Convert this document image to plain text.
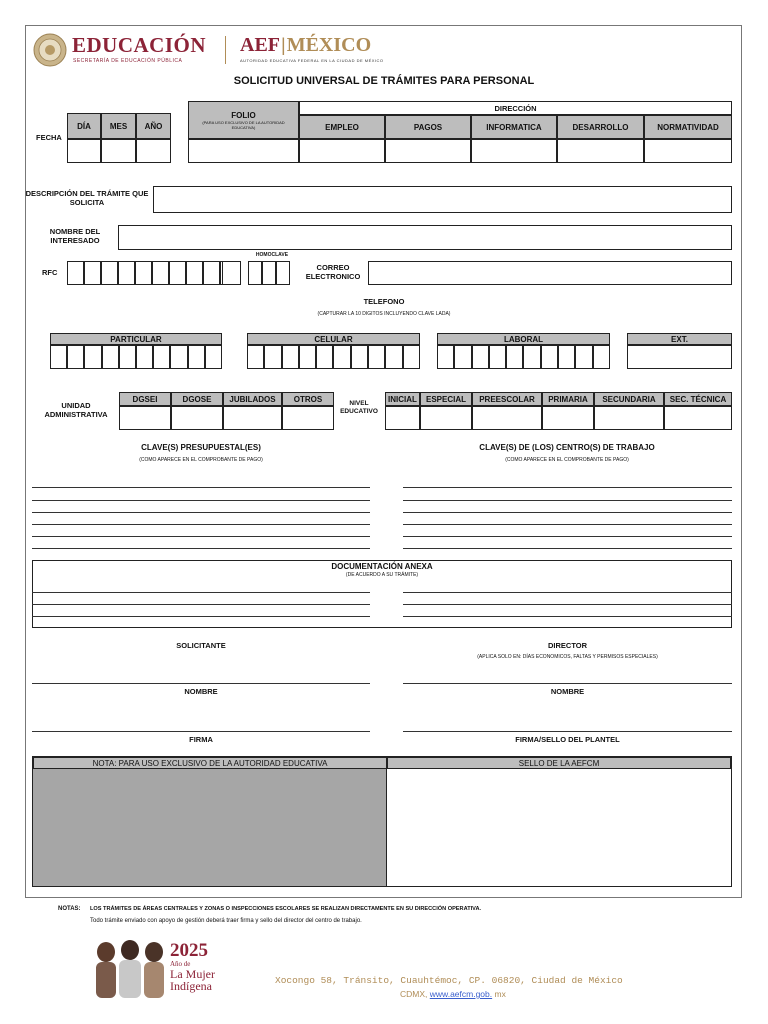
EDUCACIÓN
SECRETARÍA DE EDUCACIÓN PÚBLICA
AEF | MÉXICO
AUTORIDAD EDUCATIVA FEDERAL EN LA CIUDAD DE MÉXICO
SOLICITUD UNIVERSAL DE TRÁMITES PARA PERSONAL
FECHA
DÍA	MES	AÑO
FOLIO
(PARA USO EXCLUSIVO DE LA AUTORIDAD EDUCATIVA)
DIRECCIÓN
EMPLEO	PAGOS	INFORMATICA	DESARROLLO	NORMATIVIDAD
DESCRIPCIÓN DEL TRÁMITE QUE SOLICITA
NOMBRE DEL INTERESADO
RFC
HOMOCLAVE
CORREO ELECTRONICO
TELEFONO
(CAPTURAR LA 10 DIGITOS INCLUYENDO CLAVE LADA)
PARTICULAR	CELULAR	LABORAL	EXT.
UNIDAD ADMINISTRATIVA
DGSEI	DGOSE	JUBILADOS	OTROS	NIVEL EDUCATIVO
INICIAL	ESPECIAL	PREESCOLAR	PRIMARIA	SECUNDARIA	SEC. TÉCNICA
CLAVE(S) PRESUPUESTAL(ES)
(COMO APARECE EN EL COMPROBANTE DE PAGO)
CLAVE(S) DE (LOS) CENTRO(S) DE TRABAJO
(COMO APARECE EN EL COMPROBANTE DE PAGO)
DOCUMENTACIÓN ANEXA
(DE ACUERDO A SU TRÁMITE)
SOLICITANTE	DIRECTOR
(APLICA SOLO EN: DÍAS ECONOMICOS, FALTAS Y PERMISOS ESPECIALES)
NOMBRE	NOMBRE
FIRMA	FIRMA/SELLO DEL PLANTEL
NOTA: PARA USO EXCLUSIVO DE LA AUTORIDAD EDUCATIVA	SELLO DE LA AEFCM
NOTAS: LOS TRÁMITES DE ÁREAS CENTRALES Y ZONAS O INSPECCIONES ESCOLARES SE REALIZAN DIRECTAMENTE EN SU DIRECCIÓN OPERATIVA.
Todo trámite enviado con apoyo de gestión deberá traer firma y sello del director del centro de trabajo.
2025
Año de
La Mujer
Indígena	Xocongo 58, Tránsito, Cuauhtémoc, CP. 06820, Ciudad de México
CDMX, www.aefcm.gob. mx
